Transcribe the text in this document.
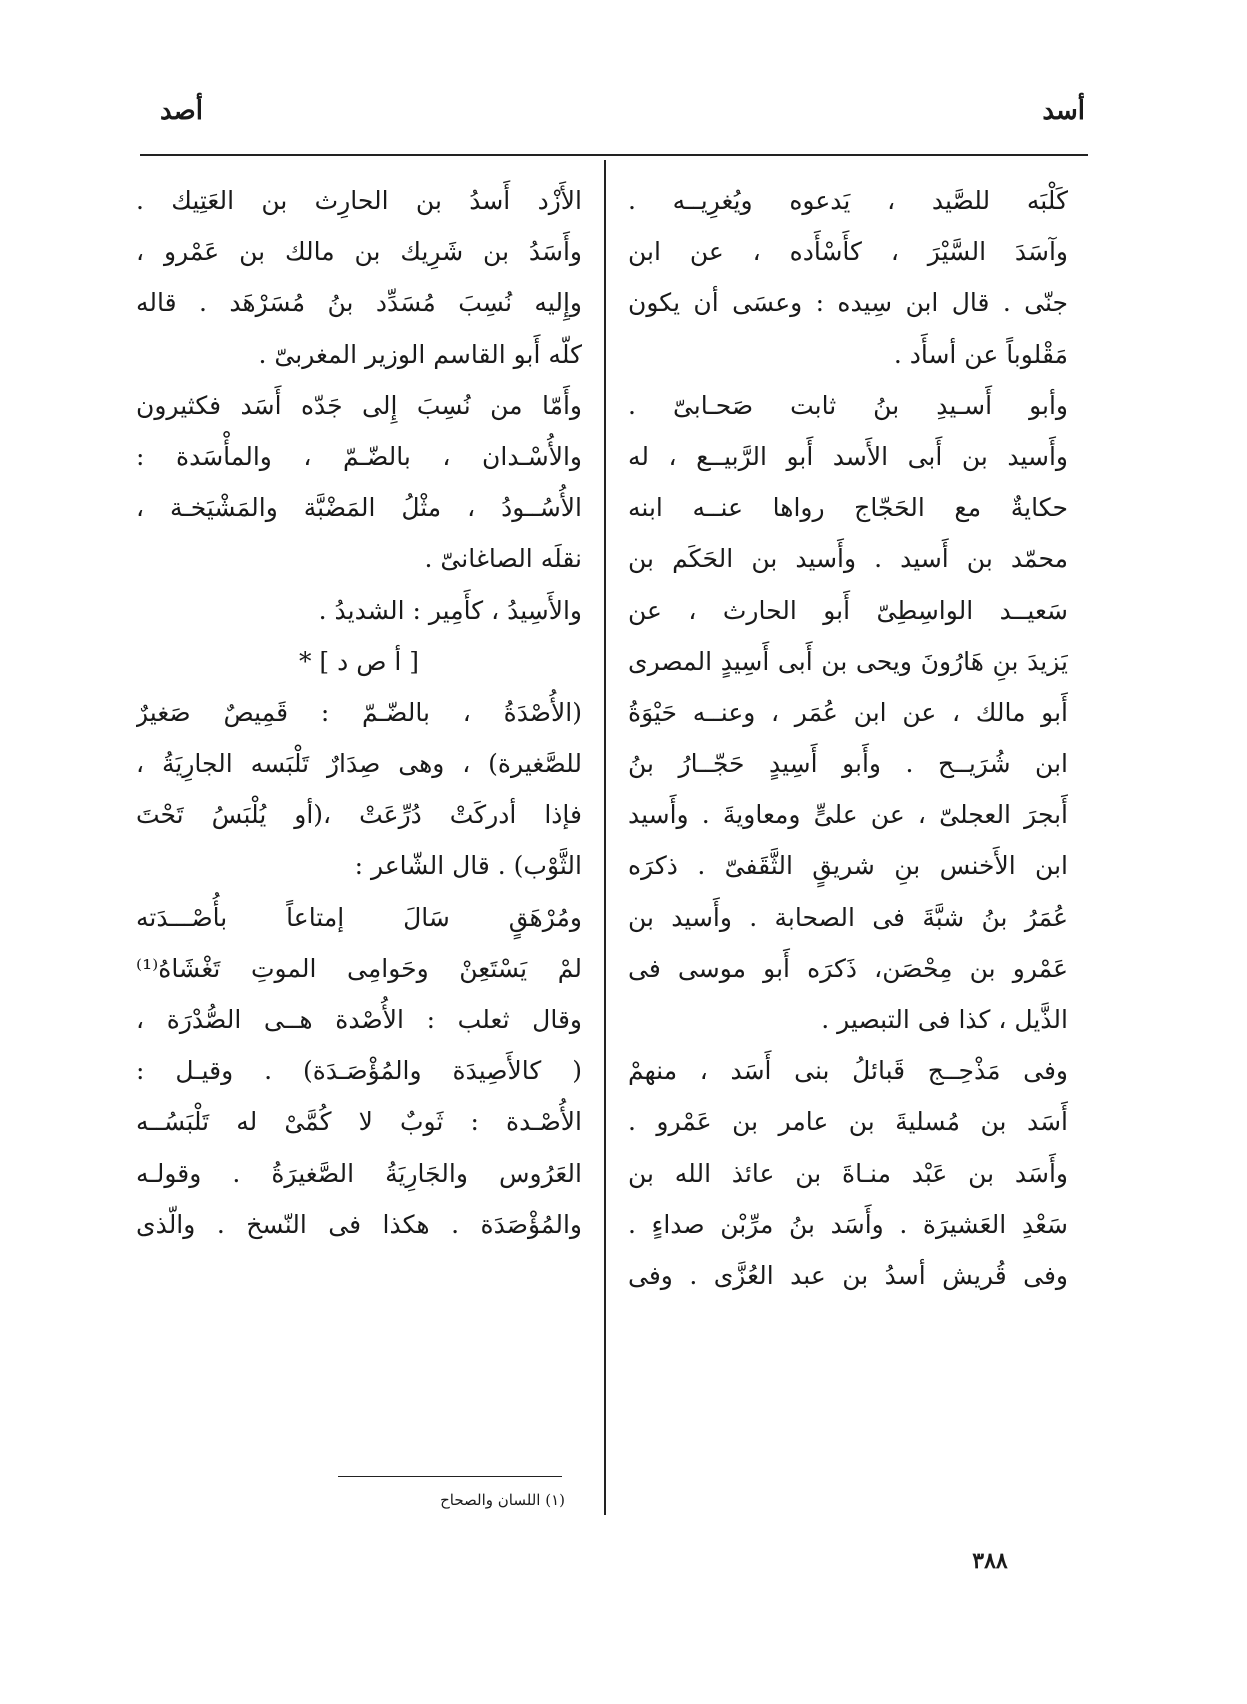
أسد
أصد
كَلْبَه للصَّيد ، يَدعوه ويُغرِيــه .
وآسَدَ السَّيْرَ ، كأَسْأَده ، عن ابن
جنّى . قال ابن سِيده : وعسَى أن يكون
مَقْلوباً عن أسأَد .
وأبو أَسـيدِ بنُ ثابت صَحـابىّ .
وأَسيد بن أَبى الأَسد أَبو الرَّبيــع ، له
حكايةٌ مع الحَجّاج رواها عنــه ابنه
محمّد بن أَسيد . وأَسيد بن الحَكَم بن
سَعيــد الواسِطِىّ أَبو الحارث ، عن
يَزيدَ بنِ هَارُونَ ويحى بن أَبى أَسِيدٍ المصرى
أَبو مالك ، عن ابن عُمَر ، وعنــه حَيْوَةُ
ابن شُرَيــح . وأَبو أَسِيدٍ حَجّــارُ بنُ
أَبجرَ العجلىّ ، عن علىٍّ ومعاويةَ . وأَسيد
ابن الأَخنس بنِ شريقٍ الثَّقَفىّ . ذكرَه
عُمَرُ بنُ شبَّةَ فى الصحابة . وأَسيد بن
عَمْرو بن مِحْصَن، ذَكرَه أَبو موسى فى
الذَّيل ، كذا فى التبصير .
وفى مَذْحِــج قَبائلُ بنى أَسَد ، منهمْ
أَسَد بن مُسليةَ بن عامر بن عَمْرو .
وأَسَد بن عَبْد منـاةَ بن عائذ الله بن
سَعْدِ العَشيرَة . وأَسَد بنُ مرِّبْن صداءٍ .
وفى قُريش أسدُ بن عبد العُزَّى . وفى
الأَزْد أَسدُ بن الحارِث بن العَتِيك .
وأَسَدُ بن شَرِيك بن مالك بن عَمْرو ،
وإِليه نُسِبَ مُسَدِّد بنُ مُسَرْهَد . قاله
كلّه أَبو القاسم الوزير المغربىّ .
وأَمّا من نُسِبَ إِلى جَدّه أَسَد فكثيرون
والأُسْـدان ، بالضّـمّ ، والمأْسَدة :
الأُسُــودُ ، مثْلُ المَضْبَّة والمَشْيَخـة ،
نقلَه الصاغانىّ .
والأَسِيدُ ، كأَمِير : الشديدُ .
[ أ ص د ] *
(الأُصْدَةُ ، بالضّـمّ : قَمِيصٌ صَغيرٌ
للصَّغيرة) ، وهى صِدَارٌ تَلْبَسه الجارِيَةُ ،
فإذا أدركَتْ دُرِّعَتْ ،(أو يُلْبَسُ تَحْتَ
الثَّوْب) . قال الشّاعر :
ومُرْهَقٍ سَالَ إمتاعاً بأُصْـــدَته
لمْ يَسْتَعِنْ وحَوامِى الموتِ تَغْشَاهُ⁽¹⁾
وقال ثعلب : الأُصْدة هــى الصُّدْرَة ،
( كالأَصِيدَة والمُؤْصَـدَة) . وقيـل :
الأُصْـدة : ثَوبٌ لا كُمَّىْ له تَلْبَسُــه
العَرُوس والجَارِيَةُ الصَّغيرَةُ . وقولـه
والمُؤْصَدَة . هكذا فى النّسخ . والّذى
(١) اللسان والصحاح
٣٨٨
